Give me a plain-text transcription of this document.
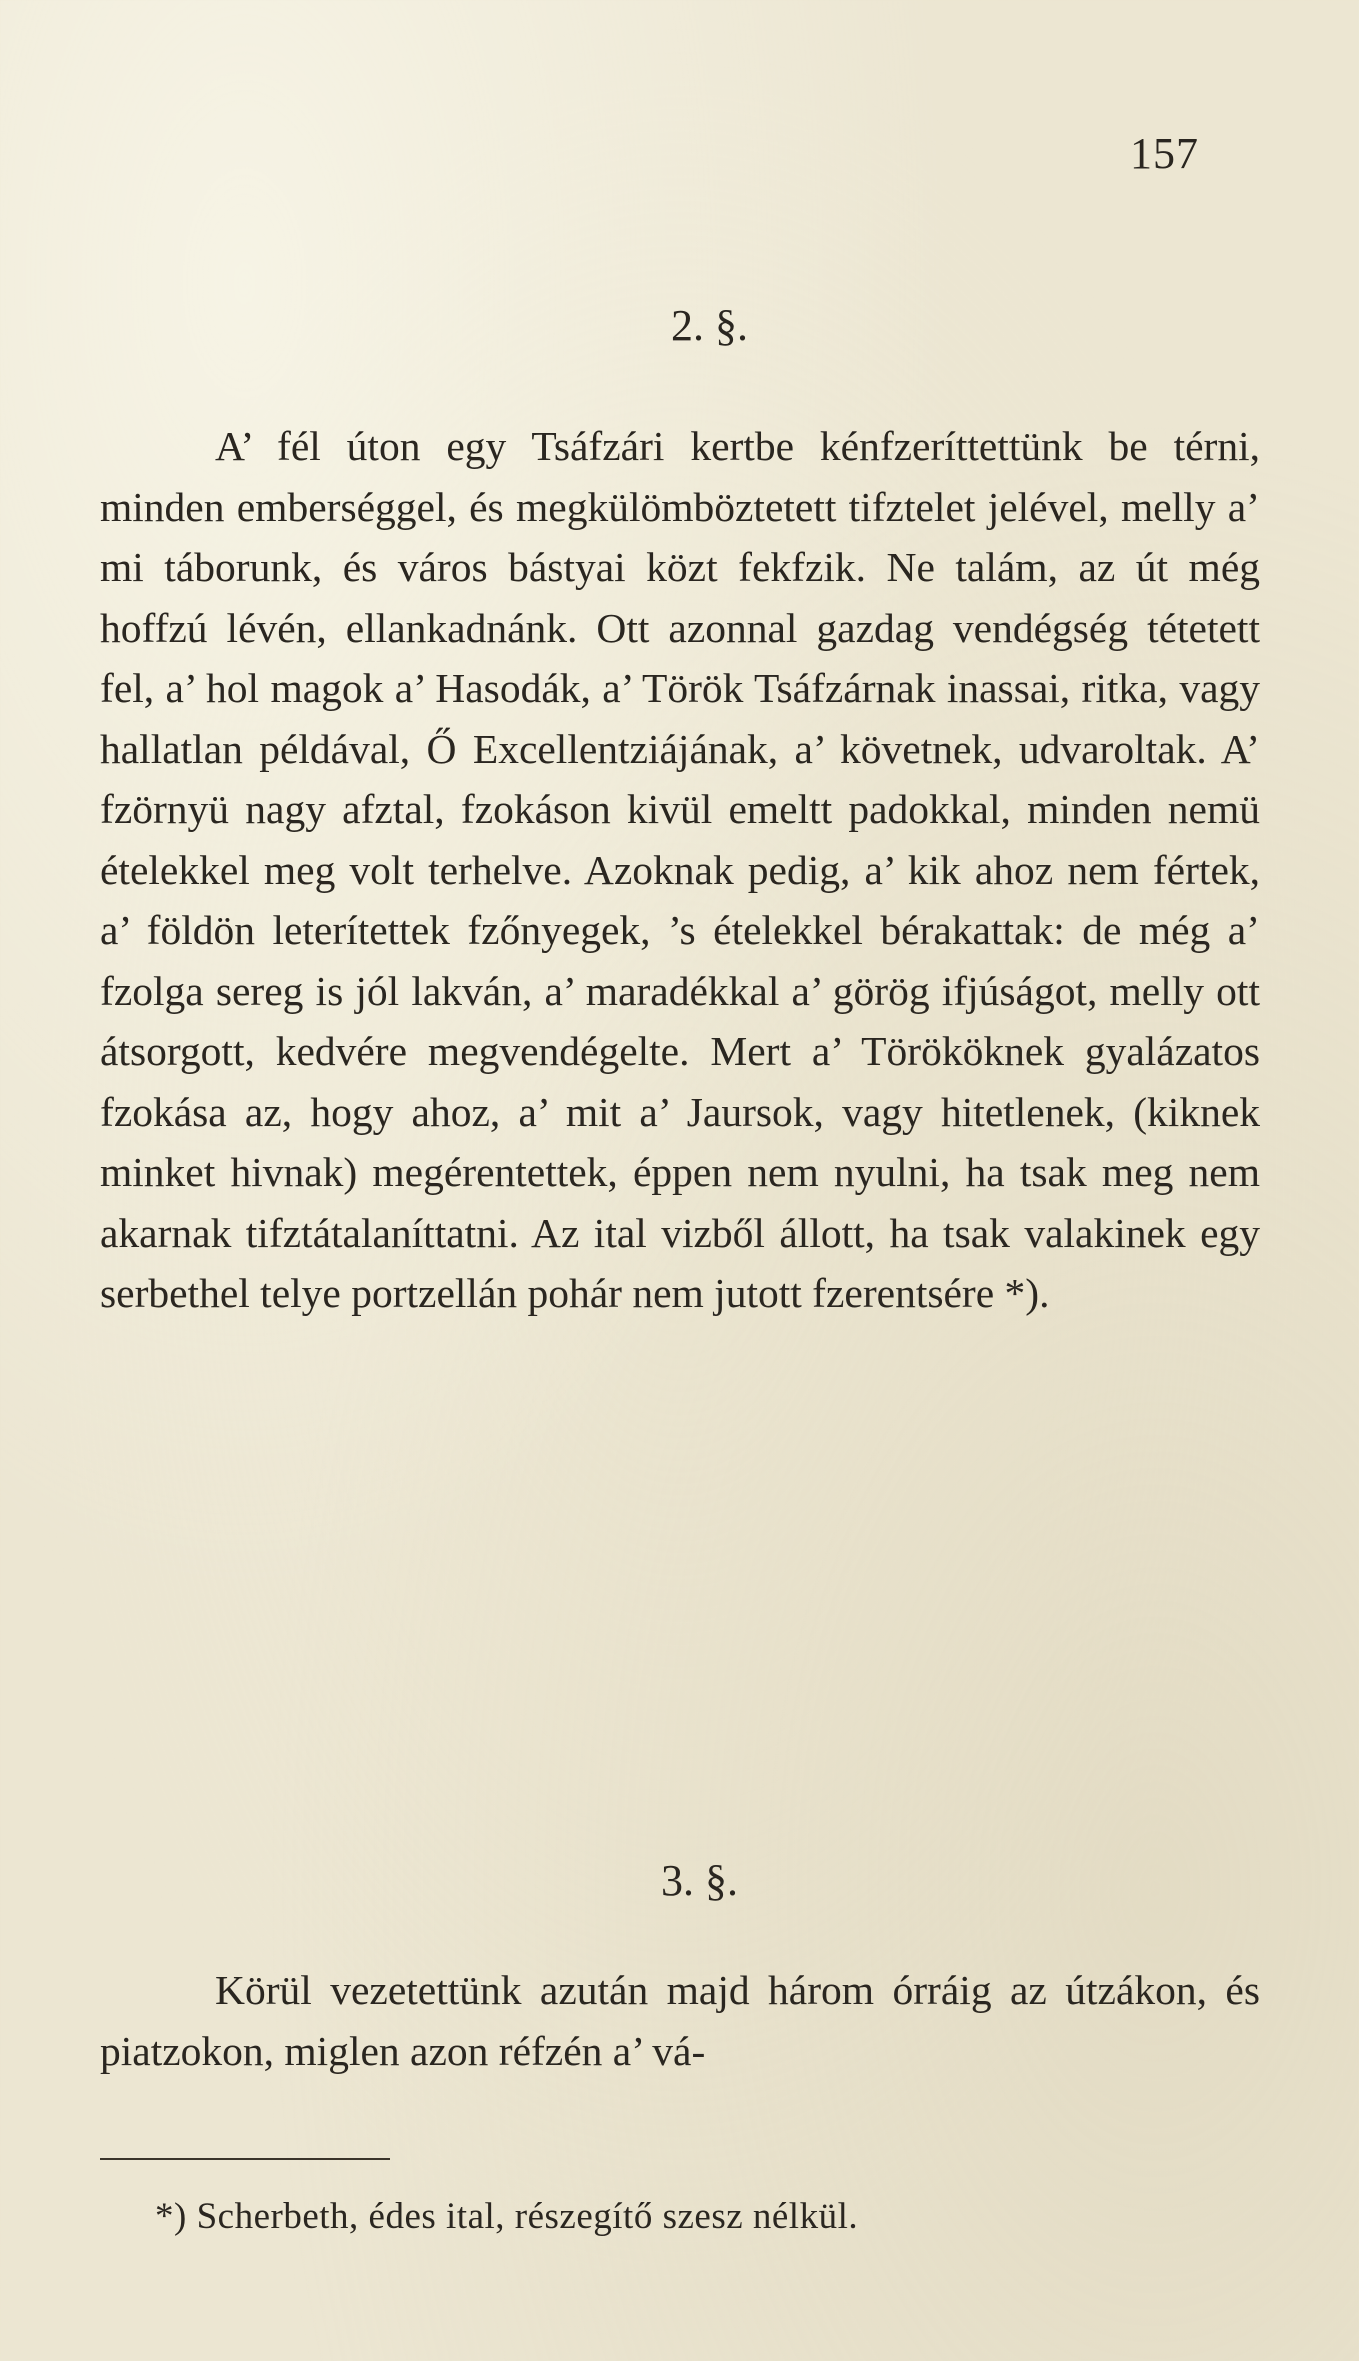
157
2. §.
A’ fél úton egy Tsáfzári kertbe kénfzeríttettünk be térni, minden emberséggel, és megkülömböztetett tifztelet jelével, melly a’ mi táborunk, és város bástyai közt fekfzik. Ne talám, az út még hoffzú lévén, ellankadnánk. Ott azonnal gazdag vendégség tétetett fel, a’ hol magok a’ Hasodák, a’ Török Tsáfzárnak inassai, ritka, vagy hallatlan példával, Ő Excellentziájának, a’ követnek, udvaroltak. A’ fzörnyü nagy afztal, fzokáson kivül emeltt padokkal, minden nemü ételekkel meg volt terhelve. Azoknak pedig, a’ kik ahoz nem fértek, a’ földön leterítettek fzőnyegek, ’s ételekkel bérakattak: de még a’ fzolga sereg is jól lakván, a’ maradékkal a’ görög ifjúságot, melly ott átsorgott, kedvére megvendégelte. Mert a’ Törököknek gyalázatos fzokása az, hogy ahoz, a’ mit a’ Jaursok, vagy hitetlenek, (kiknek minket hivnak) megérentettek, éppen nem nyulni, ha tsak meg nem akarnak tifztátalaníttatni. Az ital vizből állott, ha tsak valakinek egy serbethel telye portzellán pohár nem jutott fzerentsére *).
3. §.
Körül vezetettünk azután majd három órráig az útzákon, és piatzokon, miglen azon réfzén a’ vá-
*) Scherbeth, édes ital, részegítő szesz nélkül.
